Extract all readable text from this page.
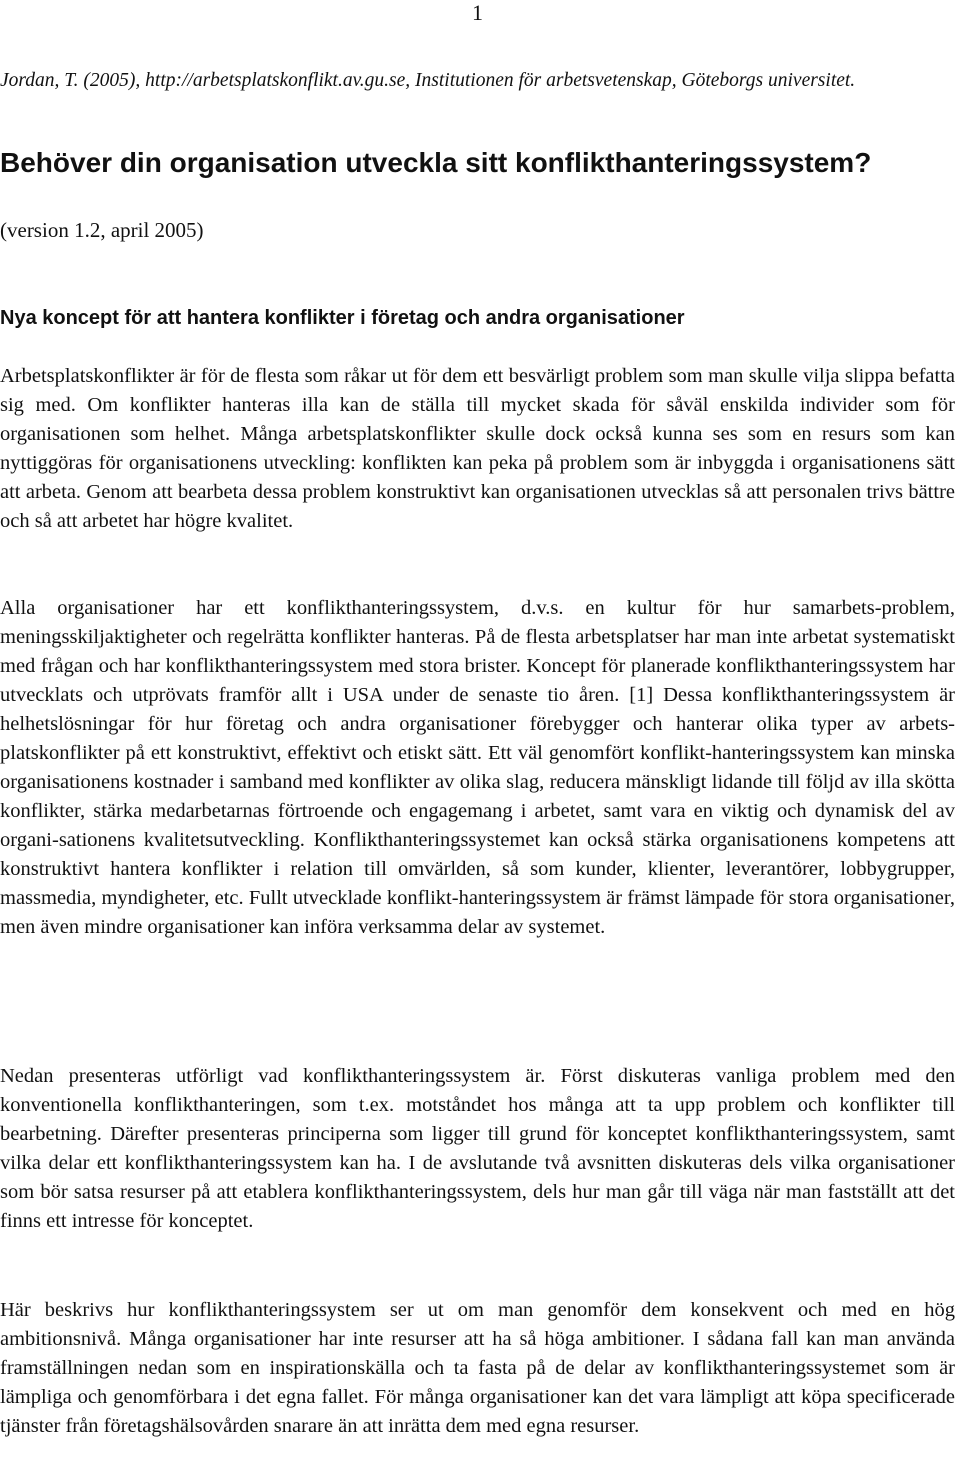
1
Jordan, T. (2005), http://arbetsplatskonflikt.av.gu.se, Institutionen för arbetsvetenskap, Göteborgs universitet.
Behöver din organisation utveckla sitt konflikthanteringssystem?
(version 1.2, april 2005)
Nya koncept för att hantera konflikter i företag och andra organisationer

Arbetsplatskonflikter är för de flesta som råkar ut för dem ett besvärligt problem som man skulle vilja slippa befatta sig med. Om konflikter hanteras illa kan de ställa till mycket skada för såväl enskilda individer som för organisationen som helhet. Många arbetsplatskonflikter skulle dock också kunna ses som en resurs som kan nyttiggöras för organisationens utveckling: konflikten kan peka på problem som är inbyggda i organisationens sätt att arbeta. Genom att bearbeta dessa problem konstruktivt kan organisationen utvecklas så att personalen trivs bättre och så att arbetet har högre kvalitet.

Alla organisationer har ett konflikthanteringssystem, d.v.s. en kultur för hur samarbets-problem, meningsskiljaktigheter och regelrätta konflikter hanteras. På de flesta arbetsplatser har man inte arbetat systematiskt med frågan och har konflikthanteringssystem med stora brister. Koncept för planerade konflikthanteringssystem har utvecklats och utprövats framför allt i USA under de senaste tio åren. [1] Dessa konflikthanteringssystem är helhetslösningar för hur företag och andra organisationer förebygger och hanterar olika typer av arbets-platskonflikter på ett konstruktivt, effektivt och etiskt sätt. Ett väl genomfört konflikt-hanteringssystem kan minska organisationens kostnader i samband med konflikter av olika slag, reducera mänskligt lidande till följd av illa skötta konflikter, stärka medarbetarnas förtroende och engagemang i arbetet, samt vara en viktig och dynamisk del av organi-sationens kvalitetsutveckling. Konflikthanteringssystemet kan också stärka organisationens kompetens att konstruktivt hantera konflikter i relation till omvärlden, så som kunder, klienter, leverantörer, lobbygrupper, massmedia, myndigheter, etc. Fullt utvecklade konflikt-hanteringssystem är främst lämpade för stora organisationer, men även mindre organisationer kan införa verksamma delar av systemet.

Nedan presenteras utförligt vad konflikthanteringssystem är. Först diskuteras vanliga problem med den konventionella konflikthanteringen, som t.ex. motståndet hos många att ta upp problem och konflikter till bearbetning. Därefter presenteras principerna som ligger till grund för konceptet konflikthanteringssystem, samt vilka delar ett konflikthanteringssystem kan ha. I de avslutande två avsnitten diskuteras dels vilka organisationer som bör satsa resurser på att etablera konflikthanteringssystem, dels hur man går till väga när man fastställt att det finns ett intresse för konceptet.

Här beskrivs hur konflikthanteringssystem ser ut om man genomför dem konsekvent och med en hög ambitionsnivå. Många organisationer har inte resurser att ha så höga ambitioner. I sådana fall kan man använda framställningen nedan som en inspirationskälla och ta fasta på de delar av konflikthanteringssystemet som är lämpliga och genomförbara i det egna fallet. För många organisationer kan det vara lämpligt att köpa specificerade tjänster från företagshälsovården snarare än att inrätta dem med egna resurser.
